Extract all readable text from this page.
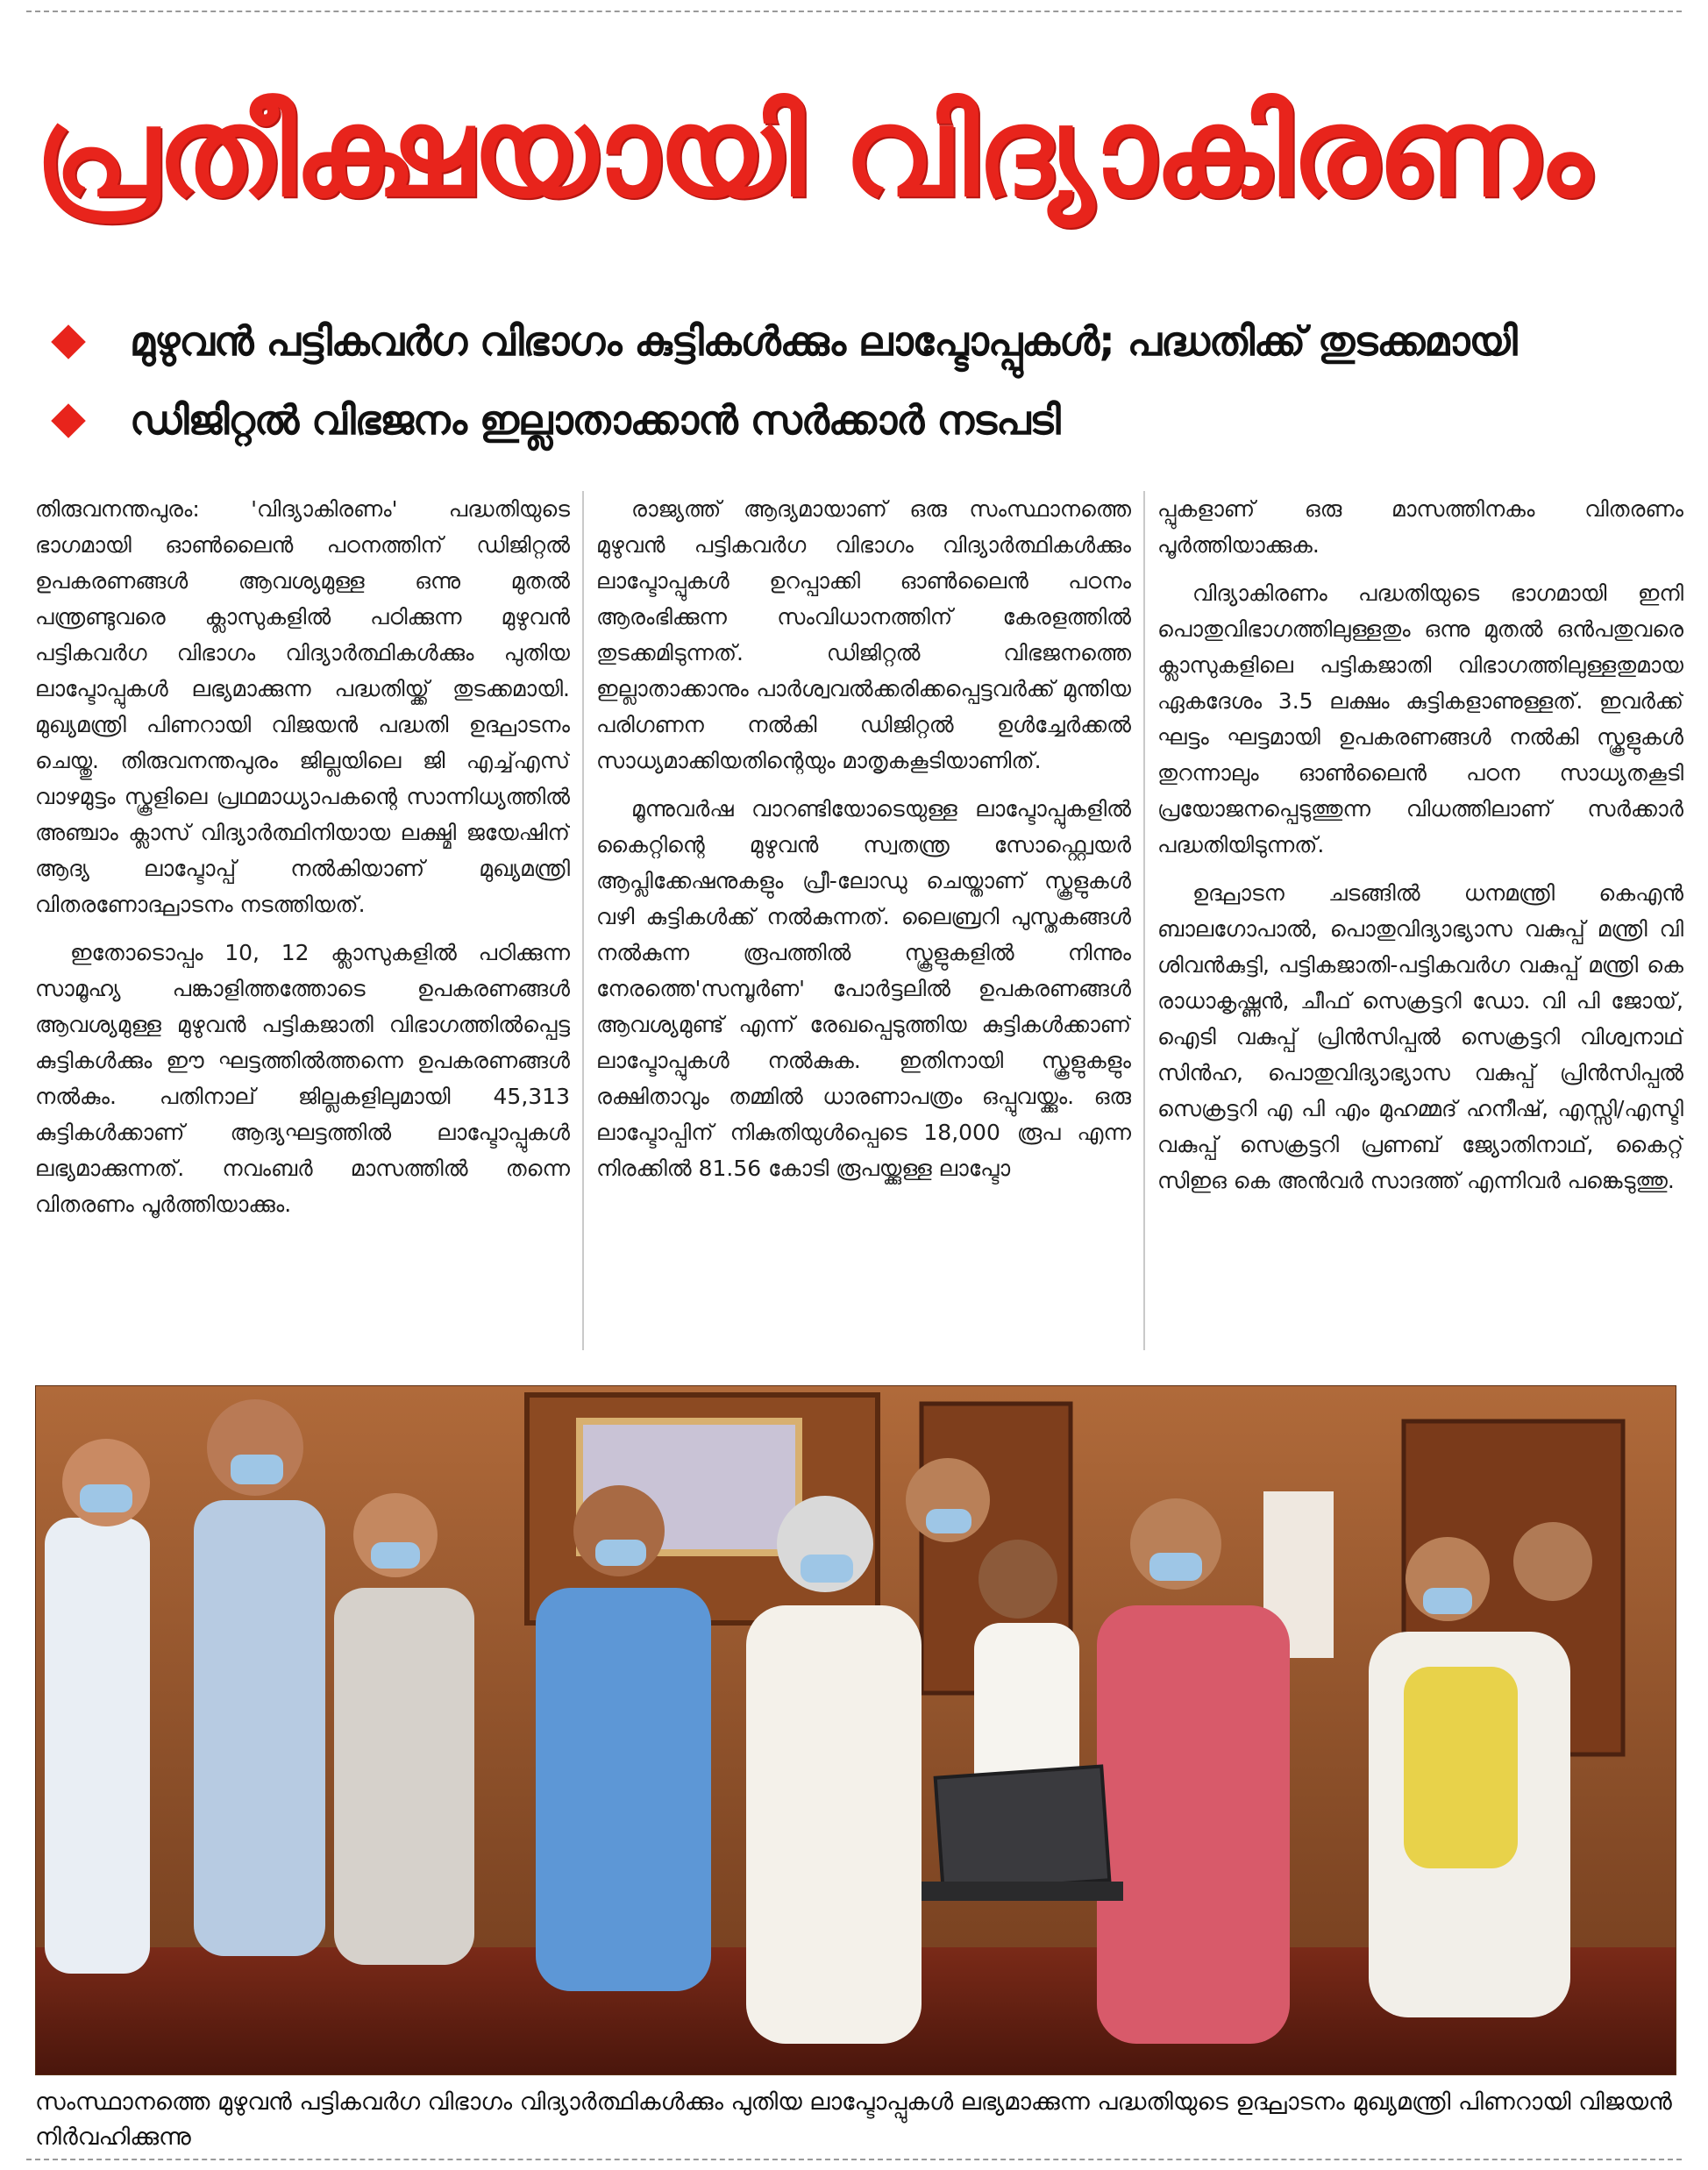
പ്രതീക്ഷയായി വിദ്യാകിരണം
മുഴുവൻ പട്ടികവർഗ വിഭാഗം കുട്ടികൾക്കും ലാപ്ടോപ്പുകൾ; പദ്ധതിക്ക് തുടക്കമായി
ഡിജിറ്റൽ വിഭജനം ഇല്ലാതാക്കാൻ സർക്കാർ നടപടി

തിരുവനന്തപുരം: 'വിദ്യാകിരണം' പദ്ധതിയുടെ ഭാഗമായി ഓൺലൈൻ പഠനത്തിന് ഡിജിറ്റൽ ഉപകരണങ്ങൾ ആവശ്യമുള്ള ഒന്നു മുതൽ പന്ത്രണ്ടുവരെ ക്ലാസുകളിൽ പഠിക്കുന്ന മുഴുവൻ പട്ടികവർഗ വിഭാഗം വിദ്യാർത്ഥികൾക്കും പുതിയ ലാപ്ടോപ്പുകൾ ലഭ്യമാക്കുന്ന പദ്ധതിയ്ക്ക് തുടക്കമായി. മുഖ്യമന്ത്രി പിണറായി വിജയൻ പദ്ധതി ഉദ്ഘാടനം ചെയ്തു. തിരുവനന്തപുരം ജില്ലയിലെ ജി എച്ച്എസ് വാഴമുട്ടം സ്കൂളിലെ പ്രഥമാധ്യാപകന്റെ സാന്നിധ്യത്തിൽ അഞ്ചാം ക്ലാസ് വിദ്യാർത്ഥിനിയായ ലക്ഷ്മി ജയേഷിന് ആദ്യ ലാപ്ടോപ്പ് നൽകിയാണ് മുഖ്യമന്ത്രി വിതരണോദ്ഘാടനം നടത്തിയത്.

ഇതോടൊപ്പം 10, 12 ക്ലാസുകളിൽ പഠിക്കുന്ന സാമൂഹ്യ പങ്കാളിത്തത്തോടെ ഉപകരണങ്ങൾ ആവശ്യമുള്ള മുഴുവൻ പട്ടികജാതി വിഭാഗത്തിൽപ്പെട്ട കുട്ടികൾക്കും ഈ ഘട്ടത്തിൽത്തന്നെ ഉപകരണങ്ങൾ നൽകും. പതിനാല് ജില്ലകളിലുമായി 45,313 കുട്ടികൾക്കാണ് ആദ്യഘട്ടത്തിൽ ലാപ്ടോപ്പുകൾ ലഭ്യമാക്കുന്നത്. നവംബർ മാസത്തിൽ തന്നെ വിതരണം പൂർത്തിയാക്കും.

രാജ്യത്ത് ആദ്യമായാണ് ഒരു സംസ്ഥാനത്തെ മുഴുവൻ പട്ടികവർഗ വിഭാഗം വിദ്യാർത്ഥികൾക്കും ലാപ്ടോപ്പുകൾ ഉറപ്പാക്കി ഓൺലൈൻ പഠനം ആരംഭിക്കുന്ന സംവിധാനത്തിന് കേരളത്തിൽ തുടക്കമിടുന്നത്. ഡിജിറ്റൽ വിഭജനത്തെ ഇല്ലാതാക്കാനും പാർശ്വവൽക്കരിക്കപ്പെട്ടവർക്ക് മുന്തിയ പരിഗണന നൽകി ഡിജിറ്റൽ ഉൾച്ചേർക്കൽ സാധ്യമാക്കിയതിന്റെയും മാതൃകകൂടിയാണിത്.

മൂന്നുവർഷ വാറണ്ടിയോടെയുള്ള ലാപ്ടോപ്പുകളിൽ കൈറ്റിന്റെ മുഴുവൻ സ്വതന്ത്ര സോഫ്റ്റ്വെയർ ആപ്ലിക്കേഷനുകളും പ്രീ-ലോഡു ചെയ്താണ് സ്കൂളുകൾ വഴി കുട്ടികൾക്ക് നൽകുന്നത്. ലൈബ്രറി പുസ്തകങ്ങൾ നൽകുന്ന രൂപത്തിൽ സ്കൂളുകളിൽ നിന്നും നേരത്തെ'സമ്പൂർണ' പോർട്ടലിൽ ഉപകരണങ്ങൾ ആവശ്യമുണ്ട് എന്ന് രേഖപ്പെടുത്തിയ കുട്ടികൾക്കാണ് ലാപ്ടോപ്പുകൾ നൽകുക. ഇതിനായി സ്കൂളുകളും രക്ഷിതാവും തമ്മിൽ ധാരണാപത്രം ഒപ്പുവയ്ക്കും. ഒരു ലാപ്ടോപ്പിന് നികുതിയുൾപ്പെടെ 18,000 രൂപ എന്ന നിരക്കിൽ 81.56 കോടി രൂപയ്ക്കുള്ള ലാപ്ടോ

പ്പുകളാണ് ഒരു മാസത്തിനകം വിതരണം പൂർത്തിയാക്കുക.

വിദ്യാകിരണം പദ്ധതിയുടെ ഭാഗമായി ഇനി പൊതുവിഭാഗത്തിലുള്ളതും ഒന്നു മുതൽ ഒൻപതുവരെ ക്ലാസുകളിലെ പട്ടികജാതി വിഭാഗത്തിലുള്ളതുമായ ഏകദേശം 3.5 ലക്ഷം കുട്ടികളാണുള്ളത്. ഇവർക്ക് ഘട്ടം ഘട്ടമായി ഉപകരണങ്ങൾ നൽകി സ്കൂളുകൾ തുറന്നാലും ഓൺലൈൻ പഠന സാധ്യതകൂടി പ്രയോജനപ്പെടുത്തുന്ന വിധത്തിലാണ് സർക്കാർ പദ്ധതിയിടുന്നത്.

ഉദ്ഘാടന ചടങ്ങിൽ ധനമന്ത്രി കെഎൻ ബാലഗോപാൽ, പൊതുവിദ്യാഭ്യാസ വകുപ്പ് മന്ത്രി വി ശിവൻകുട്ടി, പട്ടികജാതി-പട്ടികവർഗ വകുപ്പ് മന്ത്രി കെ രാധാകൃഷ്ണൻ, ചീഫ് സെക്രട്ടറി ഡോ. വി പി ജോയ്, ഐടി വകുപ്പ് പ്രിൻസിപ്പൽ സെക്രട്ടറി വിശ്വനാഥ് സിൻഹ, പൊതുവിദ്യാഭ്യാസ വകുപ്പ് പ്രിൻസിപ്പൽ സെക്രട്ടറി എ പി എം മുഹമ്മദ് ഹനീഷ്, എസ്സി/എസ്ടി വകുപ്പ് സെക്രട്ടറി പ്രണബ് ജ്യോതിനാഥ്, കൈറ്റ് സിഇഒ കെ അൻവർ സാദത്ത് എന്നിവർ പങ്കെടുത്തു.

സംസ്ഥാനത്തെ മുഴുവൻ പട്ടികവർഗ വിഭാഗം വിദ്യാർത്ഥികൾക്കും പുതിയ ലാപ്ടോപ്പുകൾ ലഭ്യമാക്കുന്ന പദ്ധതിയുടെ ഉദ്ഘാടനം മുഖ്യമന്ത്രി പിണറായി വിജയൻ നിർവഹിക്കുന്നു
